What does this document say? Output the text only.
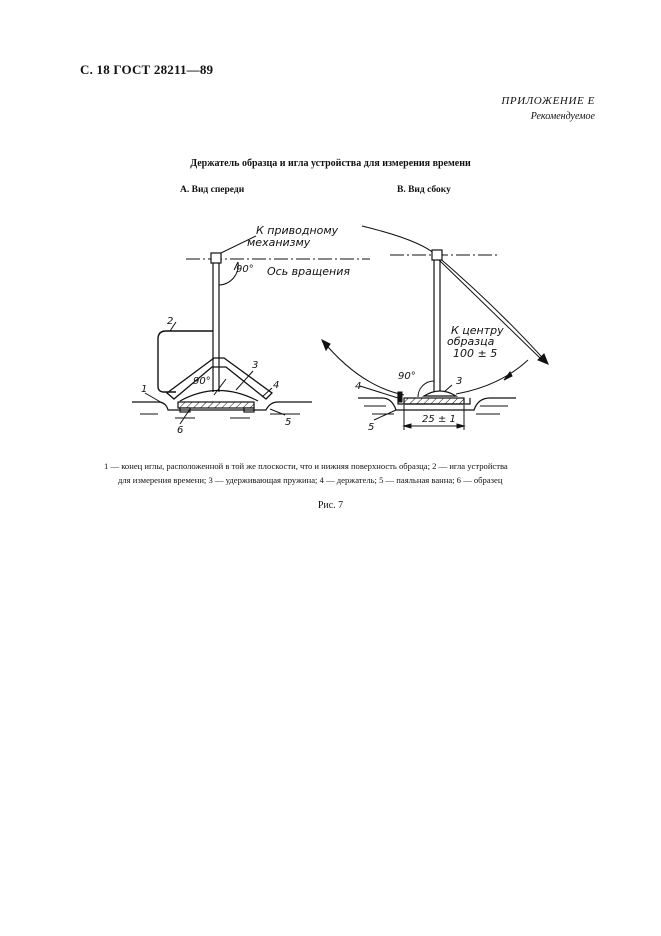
С. 18 ГОСТ 28211—89
ПРИЛОЖЕНИЕ Е
Рекомендуемое
Держатель образца и игла устройства для измерения времени
А. Вид спереди	В. Вид сбоку
К приводному
механизму
90° Ось вращения
2
3
90°
1	4
6
5
К центру
образца
100 ± 5
90°	3
4
5
25 ± 1
1 — конец иглы, расположенной в той же плоскости, что и нижняя поверхность образца; 2 — игла устройства
для измерения времени; 3 — удерживающая пружина; 4 — держатель; 5 — паяльная ванна; 6 — образец
Рис. 7
